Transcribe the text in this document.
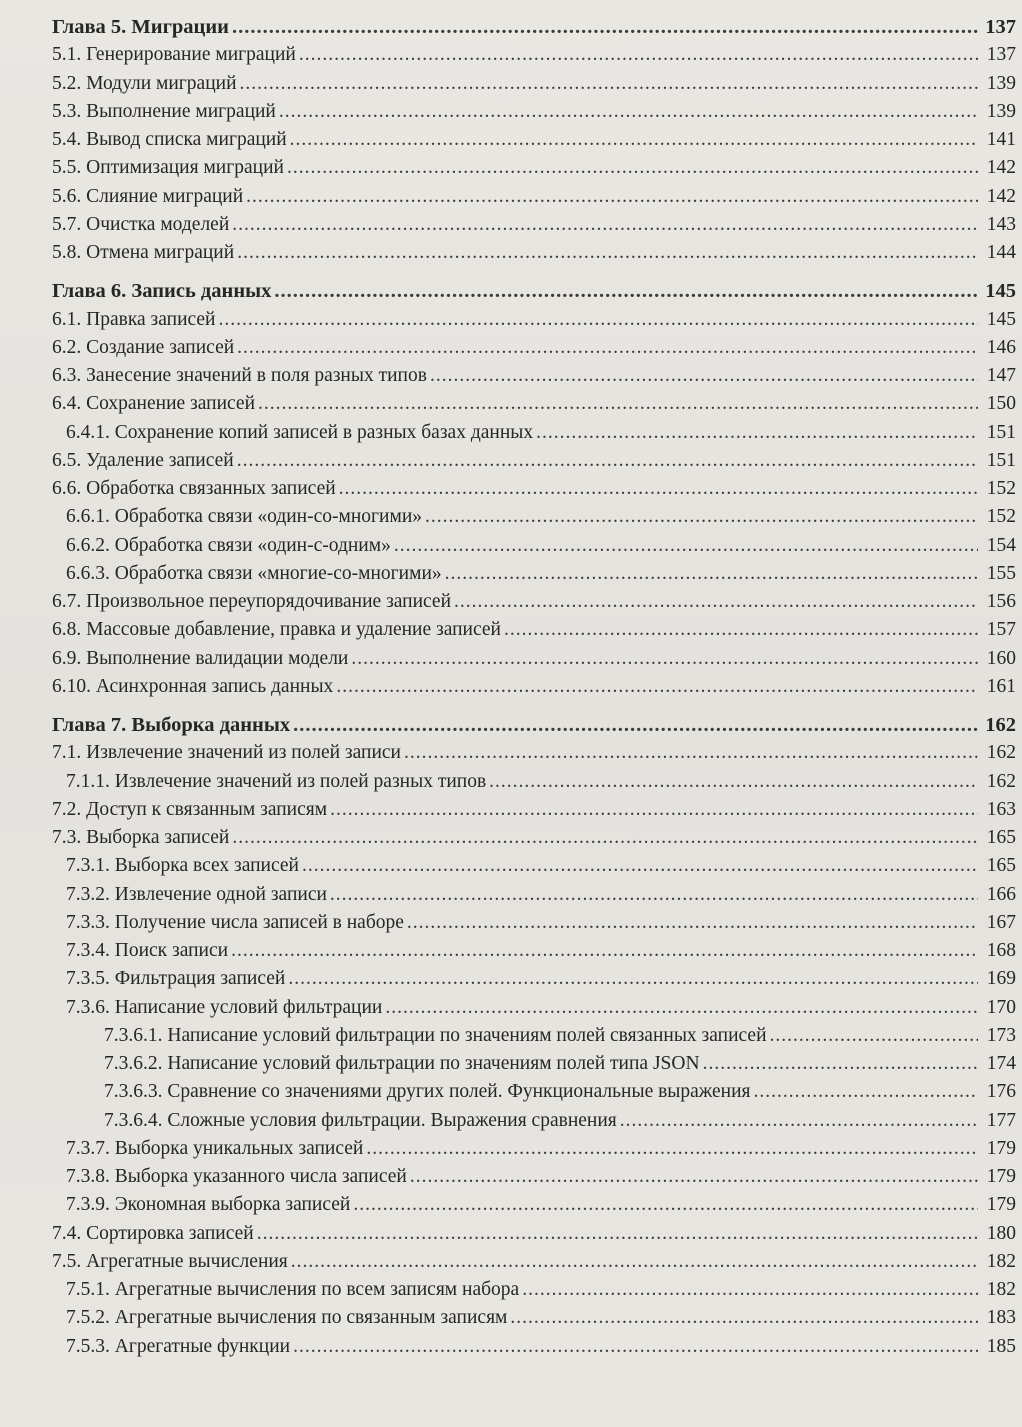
Глава 5. Миграции .....	137
5.1. Генерирование миграций .....	137
5.2. Модули миграций .....	139
5.3. Выполнение миграций .....	139
5.4. Вывод списка миграций .....	141
5.5. Оптимизация миграций .....	142
5.6. Слияние миграций .....	142
5.7. Очистка моделей .....	143
5.8. Отмена миграций .....	144
Глава 6. Запись данных .....	145
6.1. Правка записей .....	145
6.2. Создание записей .....	146
6.3. Занесение значений в поля разных типов .....	147
6.4. Сохранение записей .....	150
6.4.1. Сохранение копий записей в разных базах данных .....	151
6.5. Удаление записей .....	151
6.6. Обработка связанных записей .....	152
6.6.1. Обработка связи «один-со-многими» .....	152
6.6.2. Обработка связи «один-с-одним» .....	154
6.6.3. Обработка связи «многие-со-многими» .....	155
6.7. Произвольное переупорядочивание записей .....	156
6.8. Массовые добавление, правка и удаление записей .....	157
6.9. Выполнение валидации модели .....	160
6.10. Асинхронная запись данных .....	161
Глава 7. Выборка данных .....	162
7.1. Извлечение значений из полей записи .....	162
7.1.1. Извлечение значений из полей разных типов .....	162
7.2. Доступ к связанным записям .....	163
7.3. Выборка записей .....	165
7.3.1. Выборка всех записей .....	165
7.3.2. Извлечение одной записи .....	166
7.3.3. Получение числа записей в наборе .....	167
7.3.4. Поиск записи .....	168
7.3.5. Фильтрация записей .....	169
7.3.6. Написание условий фильтрации .....	170
7.3.6.1. Написание условий фильтрации по значениям полей связанных записей .....	173
7.3.6.2. Написание условий фильтрации по значениям полей типа JSON .....	174
7.3.6.3. Сравнение со значениями других полей. Функциональные выражения .....	176
7.3.6.4. Сложные условия фильтрации. Выражения сравнения .....	177
7.3.7. Выборка уникальных записей .....	179
7.3.8. Выборка указанного числа записей .....	179
7.3.9. Экономная выборка записей .....	179
7.4. Сортировка записей .....	180
7.5. Агрегатные вычисления .....	182
7.5.1. Агрегатные вычисления по всем записям набора .....	182
7.5.2. Агрегатные вычисления по связанным записям .....	183
7.5.3. Агрегатные функции .....	185
